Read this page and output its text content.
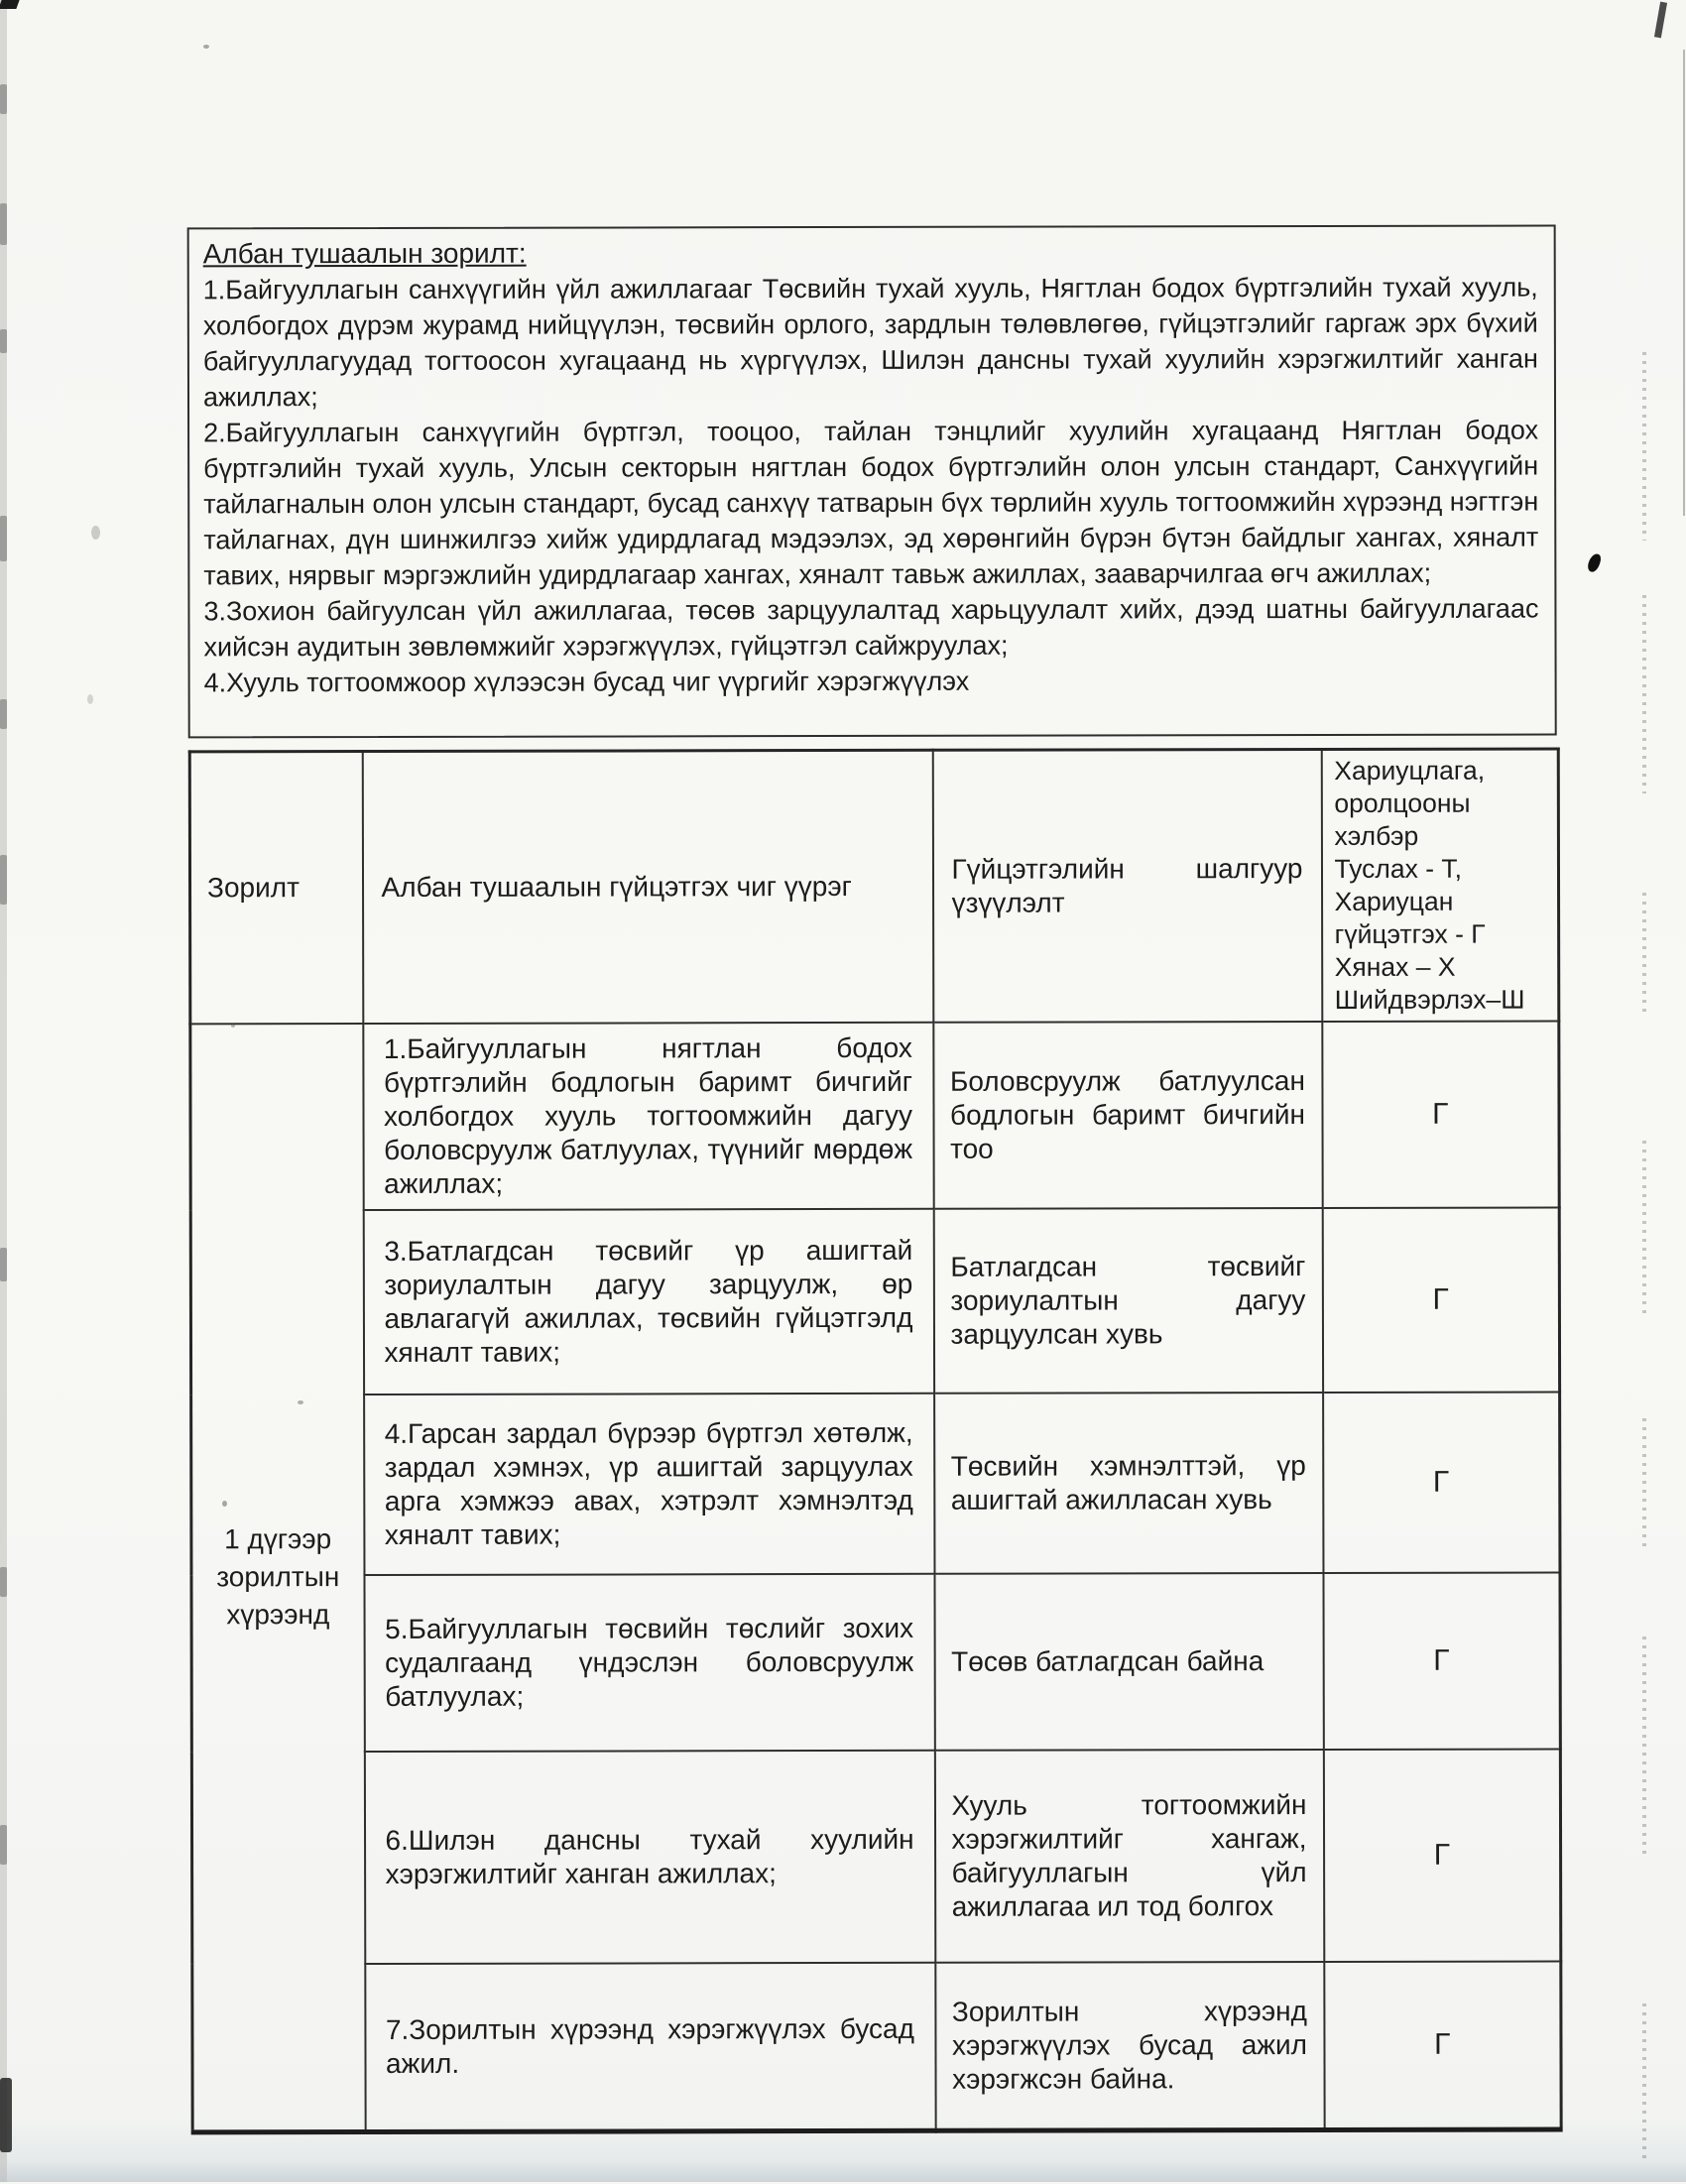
Албан тушаалын зорилт:

1.Байгууллагын санхүүгийн үйл ажиллагааг Төсвийн тухай хууль, Нягтлан бодох бүртгэлийн тухай хууль, холбогдох дүрэм журамд нийцүүлэн, төсвийн орлого, зардлын төлөвлөгөө, гүйцэтгэлийг гаргаж эрх бүхий байгууллагуудад тогтоосон хугацаанд нь хүргүүлэх, Шилэн дансны тухай хуулийн хэрэгжилтийг ханган ажиллах;

2.Байгууллагын санхүүгийн бүртгэл, тооцоо, тайлан тэнцлийг хуулийн хугацаанд Нягтлан бодох бүртгэлийн тухай хууль, Улсын секторын нягтлан бодох бүртгэлийн олон улсын стандарт, Санхүүгийн тайлагналын олон улсын стандарт, бусад санхүү татварын бүх төрлийн хууль тогтоомжийн хүрээнд нэгтгэн тайлагнах, дүн шинжилгээ хийж удирдлагад мэдээлэх, эд хөрөнгийн бүрэн бүтэн байдлыг хангах, хяналт тавих, нярвыг мэргэжлийн удирдлагаар хангах, хяналт тавьж ажиллах, зааварчилгаа өгч ажиллах;

3.Зохион байгуулсан үйл ажиллагаа, төсөв зарцуулалтад харьцуулалт хийх, дээд шатны байгууллагаас хийсэн аудитын зөвлөмжийг хэрэгжүүлэх, гүйцэтгэл сайжруулах;

4.Хууль тогтоомжоор хүлээсэн бусад чиг үүргийг хэрэгжүүлэх

Зорилт	Албан тушаалын гүйцэтгэх чиг үүрэг	Гүйцэтгэлийн шалгуур үзүүлэлт	Хариуцлага,
оролцооны
хэлбэр
Туслах - Т,
Хариуцан
гүйцэтгэх - Г
Хянах – Х
Шийдвэрлэх–Ш
1 дүгээр зорилтын хүрээнд	1.Байгууллагын нягтлан бодох бүртгэлийн бодлогын баримт бичгийг холбогдох хууль тогтоомжийн дагуу боловсруулж батлуулах, түүнийг мөрдөж ажиллах;	Боловсруулж батлуулсан бодлогын баримт бичгийн тоо	Г
	3.Батлагдсан төсвийг үр ашигтай зориулалтын дагуу зарцуулж, өр авлагагүй ажиллах, төсвийн гүйцэтгэлд хяналт тавих;	Батлагдсан төсвийг зориулалтын дагуу зарцуулсан хувь	Г
	4.Гарсан зардал бүрээр бүртгэл хөтөлж, зардал хэмнэх, үр ашигтай зарцуулах арга хэмжээ авах, хэтрэлт хэмнэлтэд хяналт тавих;	Төсвийн хэмнэлттэй, үр ашигтай ажилласан хувь	Г
	5.Байгууллагын төсвийн төслийг зохих судалгаанд үндэслэн боловсруулж батлуулах;	Төсөв батлагдсан байна	Г
	6.Шилэн дансны тухай хуулийн хэрэгжилтийг ханган ажиллах;	Хууль тогтоомжийн хэрэгжилтийг хангаж, байгууллагын үйл ажиллагаа ил тод болгох	Г
	7.Зорилтын хүрээнд хэрэгжүүлэх бусад ажил.	Зорилтын хүрээнд хэрэгжүүлэх бусад ажил хэрэгжсэн байна.	Г
